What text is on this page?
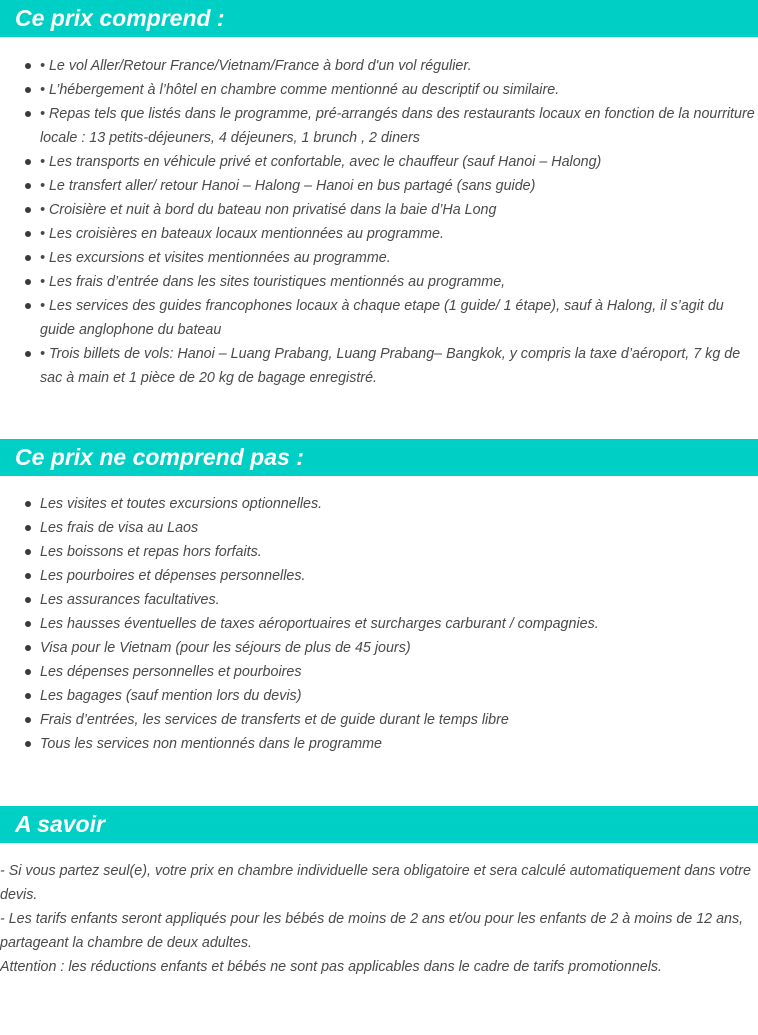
Ce prix comprend :
• Le vol Aller/Retour France/Vietnam/France à bord d'un vol régulier.
• L’hébergement à l’hôtel en chambre comme mentionné au descriptif ou similaire.
• Repas tels que listés dans le programme, pré-arrangés dans des restaurants locaux en fonction de la nourriture locale : 13 petits-déjeuners, 4 déjeuners, 1 brunch , 2 diners
• Les transports en véhicule privé et confortable, avec le chauffeur (sauf Hanoi – Halong)
• Le transfert aller/ retour Hanoi – Halong – Hanoi en bus partagé (sans guide)
• Croisière et nuit à bord du bateau non privatisé dans la baie d’Ha Long
• Les croisières en bateaux locaux mentionnées au programme.
• Les excursions et visites mentionnées au programme.
• Les frais d’entrée dans les sites touristiques mentionnés au programme,
• Les services des guides francophones locaux à chaque etape (1 guide/ 1 étape), sauf à Halong, il s’agit du guide anglophone du bateau
• Trois billets de vols: Hanoi – Luang Prabang, Luang Prabang– Bangkok, y compris la taxe d’aéroport, 7 kg de sac à main et 1 pièce de 20 kg de bagage enregistré.
Ce prix ne comprend pas :
Les visites et toutes excursions optionnelles.
Les frais de visa au Laos
Les boissons et repas hors forfaits.
Les pourboires et dépenses personnelles.
Les assurances facultatives.
Les hausses éventuelles de taxes aéroportuaires et surcharges carburant / compagnies.
Visa pour le Vietnam (pour les séjours de plus de 45 jours)
Les dépenses personnelles et pourboires
Les bagages (sauf mention lors du devis)
Frais d’entrées, les services de transferts et de guide durant le temps libre
Tous les services non mentionnés dans le programme
A savoir

- Si vous partez seul(e), votre prix en chambre individuelle sera obligatoire et sera calculé automatiquement dans votre devis.

- Les tarifs enfants seront appliqués pour les bébés de moins de 2 ans et/ou pour les enfants de 2 à moins de 12 ans, partageant la chambre de deux adultes.

Attention : les réductions enfants et bébés ne sont pas applicables dans le cadre de tarifs promotionnels.
